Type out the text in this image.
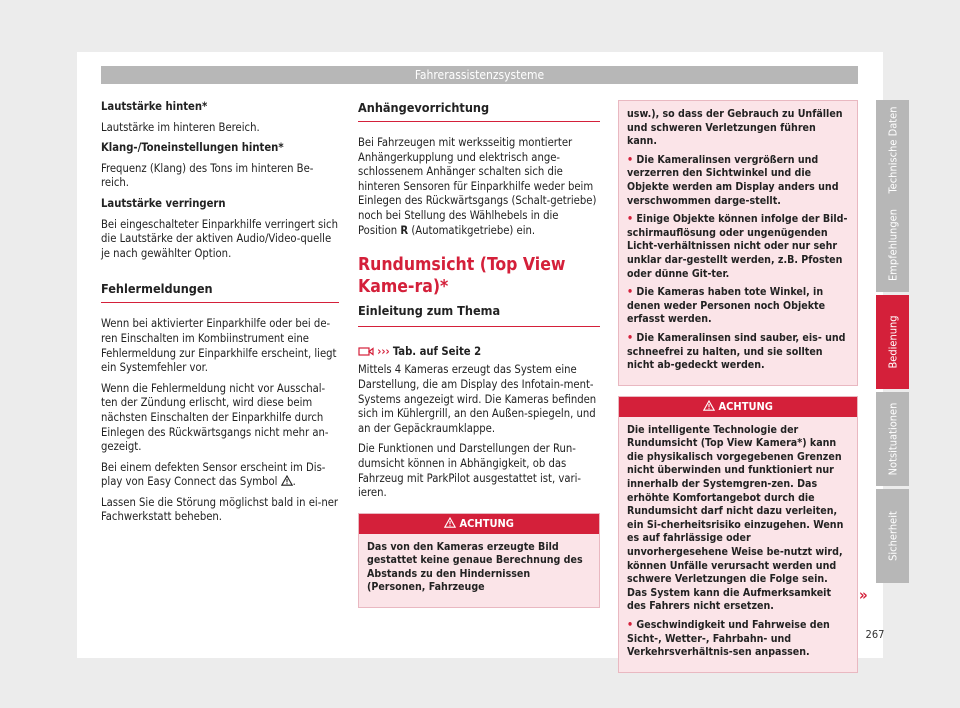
Fahrerassistenzsysteme

Lautstärke hinten*

Lautstärke im hinteren Bereich.

Klang-/Toneinstellungen hinten*

Frequenz (Klang) des Tons im hinteren Be-reich.

Lautstärke verringern

Bei eingeschalteter Einparkhilfe verringert sich die Lautstärke der aktiven Audio/Video-quelle je nach gewählter Option.

Fehlermeldungen

Wenn bei aktivierter Einparkhilfe oder bei de-ren Einschalten im Kombiinstrument eine Fehlermeldung zur Einparkhilfe erscheint, liegt ein Systemfehler vor.

Wenn die Fehlermeldung nicht vor Ausschal-ten der Zündung erlischt, wird diese beim nächsten Einschalten der Einparkhilfe durch Einlegen des Rückwärtsgangs nicht mehr an-gezeigt.

Bei einem defekten Sensor erscheint im Dis-play von Easy Connect das Symbol .

Lassen Sie die Störung möglichst bald in ei-ner Fachwerkstatt beheben.

Anhängevorrichtung

Bei Fahrzeugen mit werksseitig montierter Anhängerkupplung und elektrisch ange-schlossenem Anhänger schalten sich die hinteren Sensoren für Einparkhilfe weder beim Einlegen des Rückwärtsgangs (Schalt-getriebe) noch bei Stellung des Wählhebels in die Position R (Automatikgetriebe) ein.

Rundumsicht (Top View Kame-ra)*
Einleitung zum Thema
››› Tab. auf Seite 2

Mittels 4 Kameras erzeugt das System eine Darstellung, die am Display des Infotain-ment-Systems angezeigt wird. Die Kameras befinden sich im Kühlergrill, an den Außen-spiegeln, und an der Gepäckraumklappe.

Die Funktionen und Darstellungen der Run-dumsicht können in Abhängigkeit, ob das Fahrzeug mit ParkPilot ausgestattet ist, vari-ieren.

ACHTUNG

Das von den Kameras erzeugte Bild gestattet keine genaue Berechnung des Abstands zu den Hindernissen (Personen, Fahrzeuge

usw.), so dass der Gebrauch zu Unfällen und schweren Verletzungen führen kann.

• Die Kameralinsen vergrößern und verzerren den Sichtwinkel und die Objekte werden am Display anders und verschwommen darge-stellt.

• Einige Objekte können infolge der Bild-schirmauflösung oder ungenügenden Licht-verhältnissen nicht oder nur sehr unklar dar-gestellt werden, z.B. Pfosten oder dünne Git-ter.

• Die Kameras haben tote Winkel, in denen weder Personen noch Objekte erfasst werden.

• Die Kameralinsen sind sauber, eis- und schneefrei zu halten, und sie sollten nicht ab-gedeckt werden.

ACHTUNG

Die intelligente Technologie der Rundumsicht (Top View Kamera*) kann die physikalisch vorgegebenen Grenzen nicht überwinden und funktioniert nur innerhalb der Systemgren-zen. Das erhöhte Komfortangebot durch die Rundumsicht darf nicht dazu verleiten, ein Si-cherheitsrisiko einzugehen. Wenn es auf fahrlässige oder unvorhergesehene Weise be-nutzt wird, können Unfälle verursacht werden und schwere Verletzungen die Folge sein. Das System kann die Aufmerksamkeit des Fahrers nicht ersetzen.

• Geschwindigkeit und Fahrweise den Sicht-, Wetter-, Fahrbahn- und Verkehrsverhältnis-sen anpassen.

»
Technische Daten
Empfehlungen
Bedienung
Notsituationen
Sicherheit
267
